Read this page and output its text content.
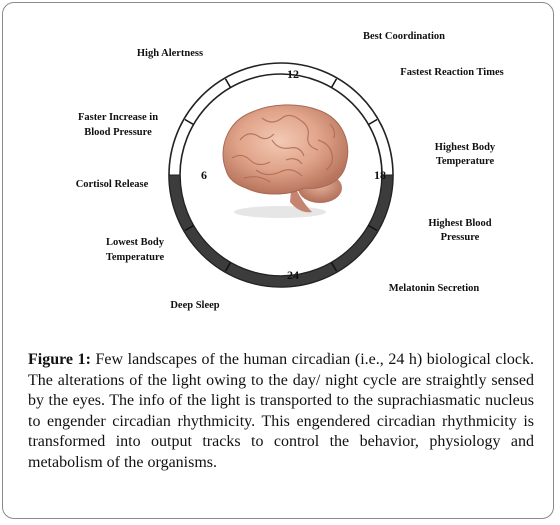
12
6	18
24
High Alertness
Best Coordination
Fastest Reaction Times
Faster Increase in
Blood Pressure
Highest Body
Temperature
Cortisol Release
Highest Blood
Pressure
Lowest Body
Temperature
Melatonin Secretion
Deep Sleep
Figure 1: Few landscapes of the human circadian (i.e., 24 h) biological clock. The alterations of the light owing to the day/ night cycle are straightly sensed by the eyes. The info of the light is transported to the suprachiasmatic nucleus to engender circadian rhythmicity. This engendered circadian rhythmicity is transformed into output tracks to control the behavior, physiology and metabolism of the organisms.
